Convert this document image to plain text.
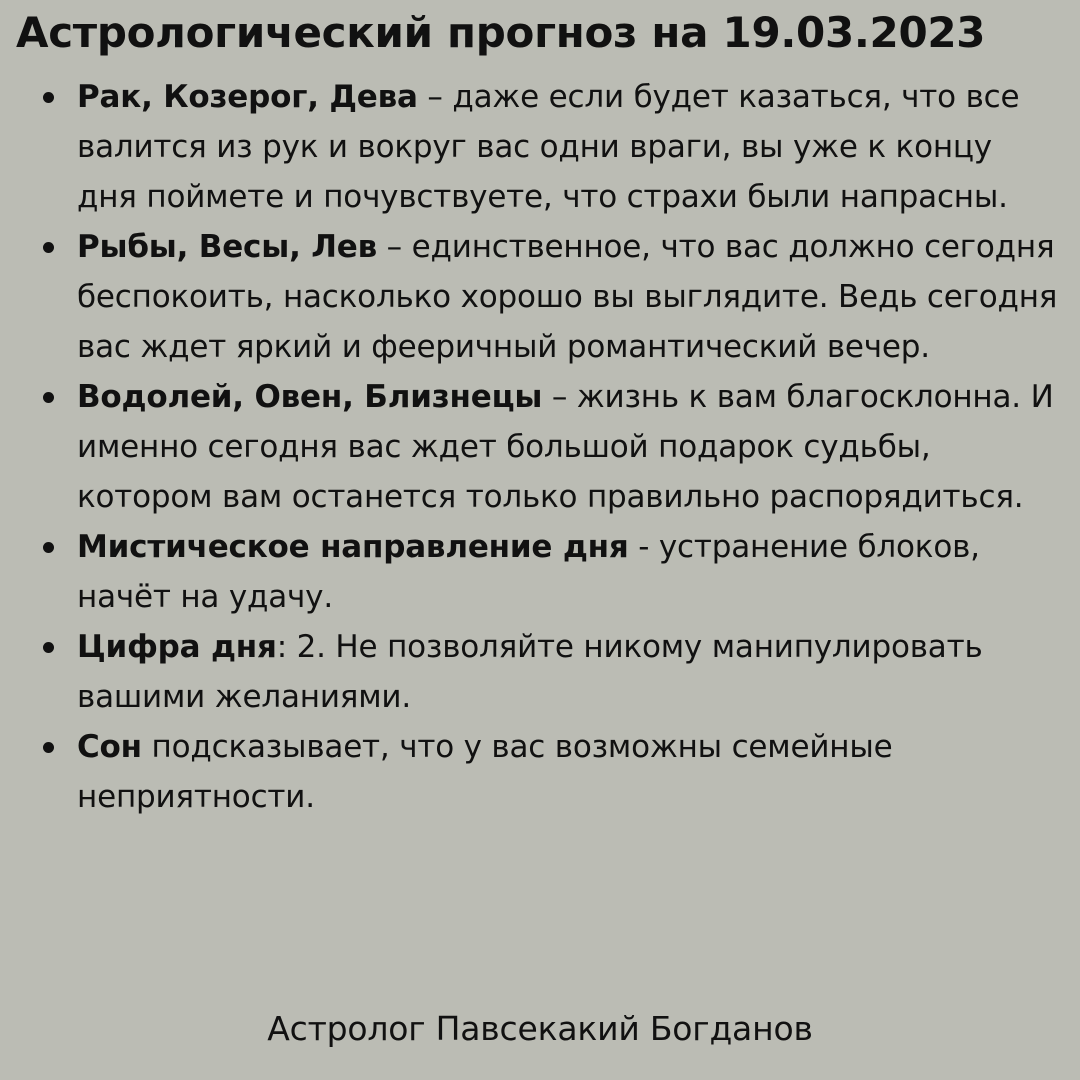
Астрологический прогноз на 19.03.2023
Рак, Козерог, Дева – даже если будет казаться, что все валится из рук и вокруг вас одни враги, вы уже к концу дня поймете и почувствуете, что страхи были напрасны.
Рыбы, Весы, Лев – единственное, что вас должно сегодня беспокоить, насколько хорошо вы выглядите. Ведь сегодня вас ждет яркий и фееричный романтический вечер.
Водолей, Овен, Близнецы – жизнь к вам благосклонна. И именно сегодня вас ждет большой подарок судьбы, котором вам останется только правильно распорядиться.
Мистическое направление дня - устранение блоков, начёт на удачу.
Цифра дня: 2. Не позволяйте никому манипулировать вашими желаниями.
Сон подсказывает, что у вас возможны семейные неприятности.
Астролог Павсекакий Богданов
